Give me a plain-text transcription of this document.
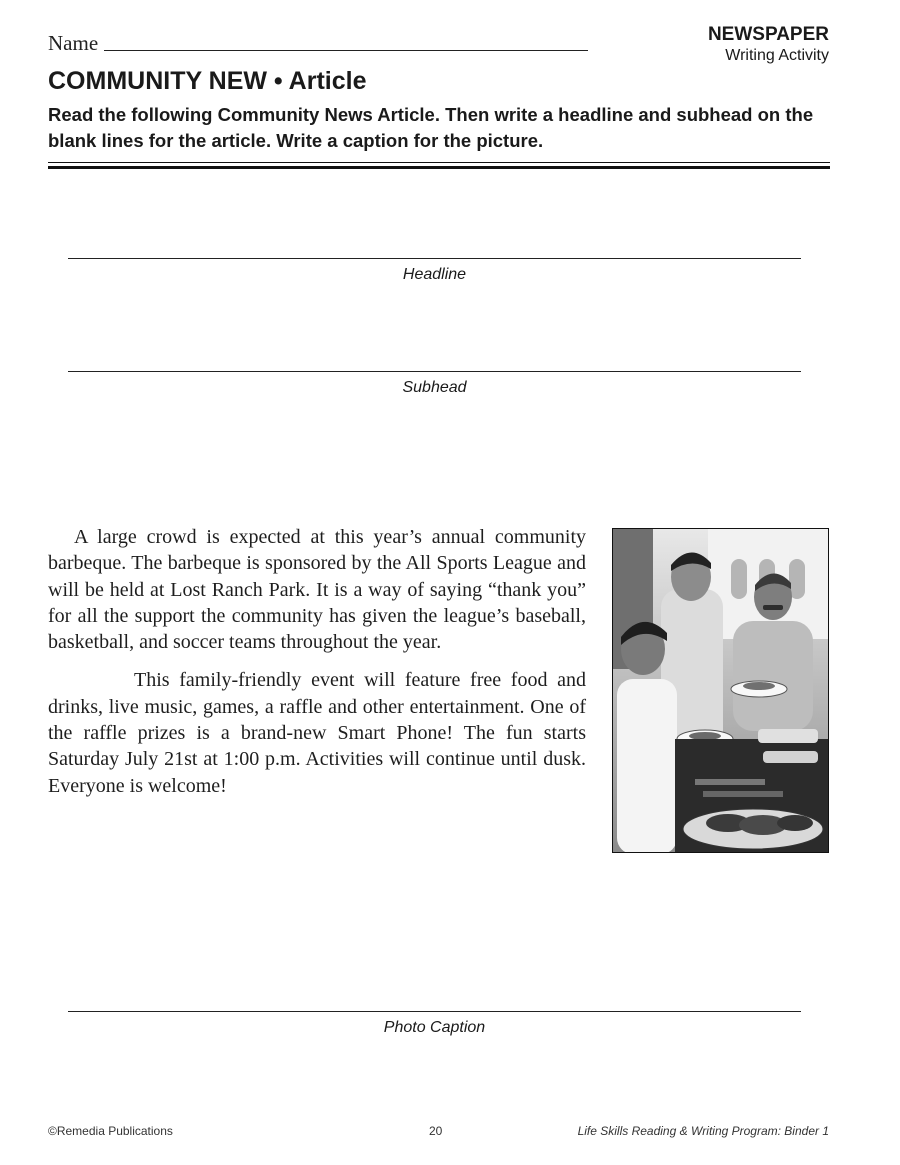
Name	NEWSPAPER
Writing Activity
COMMUNITY NEW • Article
Read the following Community News Article. Then write a headline and subhead on the blank lines for the article. Write a caption for the picture.
Headline
Subhead

A large crowd is expected at this year’s annual community barbeque. The barbeque is sponsored by the All Sports League and will be held at Lost Ranch Park. It is a way of saying “thank you” for all the support the community has given the league’s baseball, basketball, and soccer teams throughout the year.

This family-friendly event will feature free food and drinks, live music, games, a raffle and other entertainment. One of the raffle prizes is a brand-new Smart Phone! The fun starts Saturday July 21st at 1:00 p.m. Activities will continue until dusk. Everyone is welcome!

Photo Caption
©Remedia Publications	20	Life Skills Reading & Writing Program: Binder 1
